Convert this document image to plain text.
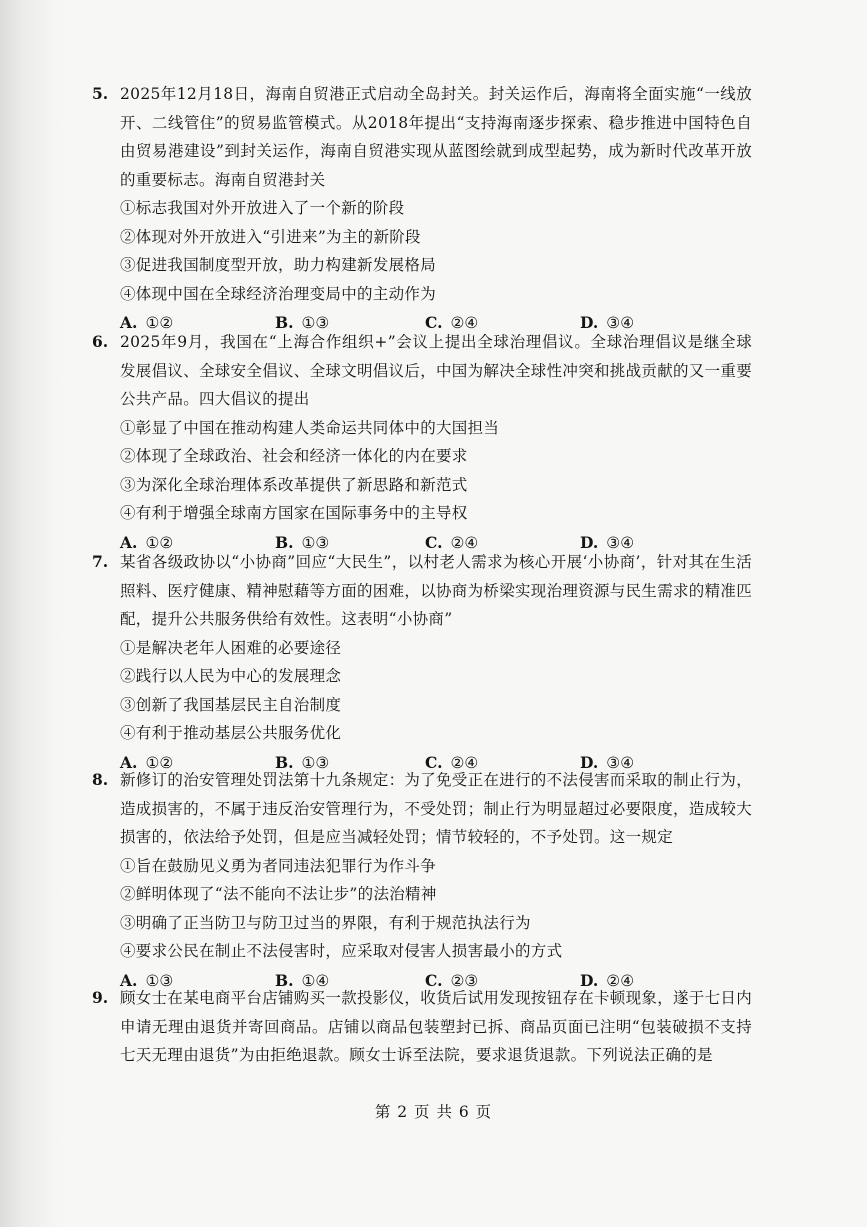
5. 2025年12月18日，海南自贸港正式启动全岛封关。封关运作后，海南将全面实施“一线放开、二线管住”的贸易监管模式。从2018年提出“支持海南逐步探索、稳步推进中国特色自由贸易港建设”到封关运作，海南自贸港实现从蓝图绘就到成型起势，成为新时代改革开放的重要标志。海南自贸港封关
①标志我国对外开放进入了一个新的阶段
②体现对外开放进入“引进来”为主的新阶段
③促进我国制度型开放，助力构建新发展格局
④体现中国在全球经济治理变局中的主动作为
A. ①②	B. ①③	C. ②④	D. ③④
6. 2025年9月，我国在“上海合作组织+”会议上提出全球治理倡议。全球治理倡议是继全球发展倡议、全球安全倡议、全球文明倡议后，中国为解决全球性冲突和挑战贡献的又一重要公共产品。四大倡议的提出
①彰显了中国在推动构建人类命运共同体中的大国担当
②体现了全球政治、社会和经济一体化的内在要求
③为深化全球治理体系改革提供了新思路和新范式
④有利于增强全球南方国家在国际事务中的主导权
A. ①②	B. ①③	C. ②④	D. ③④
7. 某省各级政协以“小协商”回应“大民生”，以村老人需求为核心开展‘小协商’，针对其在生活照料、医疗健康、精神慰藉等方面的困难，以协商为桥梁实现治理资源与民生需求的精准匹配，提升公共服务供给有效性。这表明“小协商”
①是解决老年人困难的必要途径
②践行以人民为中心的发展理念
③创新了我国基层民主自治制度
④有利于推动基层公共服务优化
A. ①②	B. ①③	C. ②④	D. ③④
8. 新修订的治安管理处罚法第十九条规定：为了免受正在进行的不法侵害而采取的制止行为，造成损害的，不属于违反治安管理行为，不受处罚；制止行为明显超过必要限度，造成较大损害的，依法给予处罚，但是应当减轻处罚；情节较轻的，不予处罚。这一规定
①旨在鼓励见义勇为者同违法犯罪行为作斗争
②鲜明体现了“法不能向不法让步”的法治精神
③明确了正当防卫与防卫过当的界限，有利于规范执法行为
④要求公民在制止不法侵害时，应采取对侵害人损害最小的方式
A. ①③	B. ①④	C. ②③	D. ②④
9. 顾女士在某电商平台店铺购买一款投影仪，收货后试用发现按钮存在卡顿现象，遂于七日内申请无理由退货并寄回商品。店铺以商品包装塑封已拆、商品页面已注明“包装破损不支持七天无理由退货”为由拒绝退款。顾女士诉至法院，要求退货退款。下列说法正确的是
第 2 页 共 6 页
